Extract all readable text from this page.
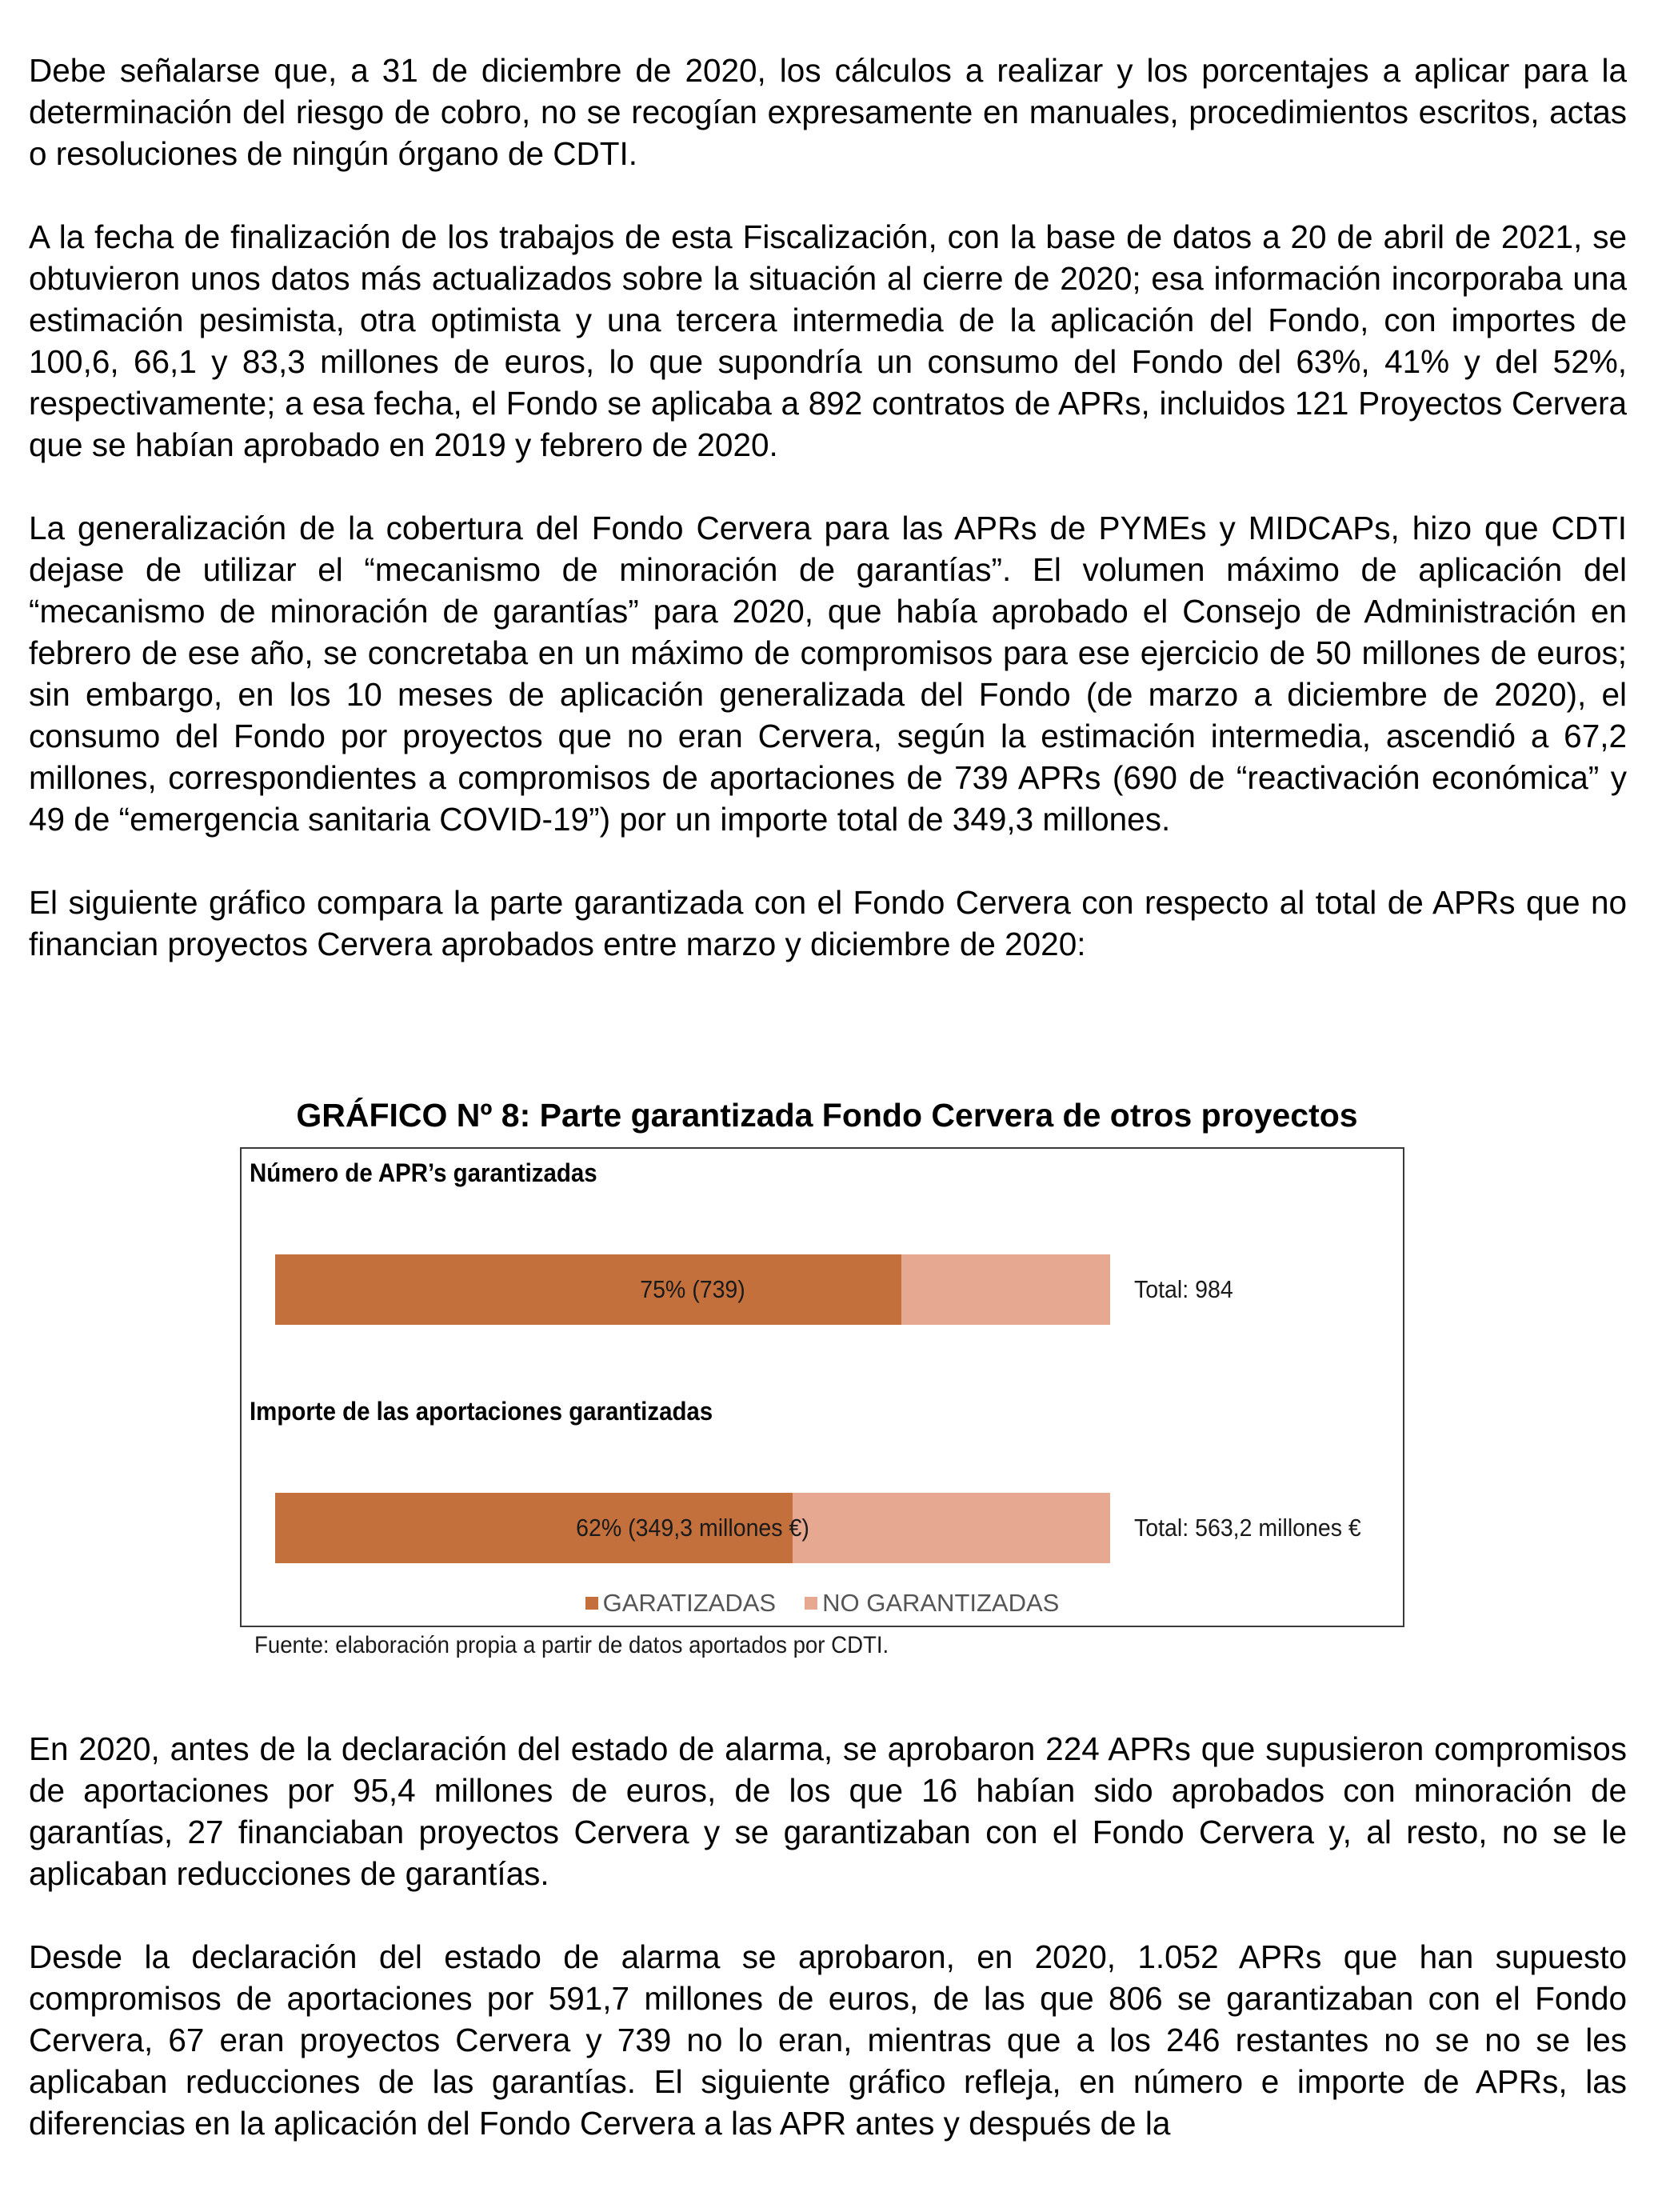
Debe señalarse que, a 31 de diciembre de 2020, los cálculos a realizar y los porcentajes a aplicar para la determinación del riesgo de cobro, no se recogían expresamente en manuales, procedimientos escritos, actas o resoluciones de ningún órgano de CDTI.

A la fecha de finalización de los trabajos de esta Fiscalización, con la base de datos a 20 de abril de 2021, se obtuvieron unos datos más actualizados sobre la situación al cierre de 2020; esa información incorporaba una estimación pesimista, otra optimista y una tercera intermedia de la aplicación del Fondo, con importes de 100,6, 66,1 y 83,3 millones de euros, lo que supondría un consumo del Fondo del 63%, 41% y del 52%, respectivamente; a esa fecha, el Fondo se aplicaba a 892 contratos de APRs, incluidos 121 Proyectos Cervera que se habían aprobado en 2019 y febrero de 2020.

La generalización de la cobertura del Fondo Cervera para las APRs de PYMEs y MIDCAPs, hizo que CDTI dejase de utilizar el “mecanismo de minoración de garantías”. El volumen máximo de aplicación del “mecanismo de minoración de garantías” para 2020, que había aprobado el Consejo de Administración en febrero de ese año, se concretaba en un máximo de compromisos para ese ejercicio de 50 millones de euros; sin embargo, en los 10 meses de aplicación generalizada del Fondo (de marzo a diciembre de 2020), el consumo del Fondo por proyectos que no eran Cervera, según la estimación intermedia, ascendió a 67,2 millones, correspondientes a compromisos de aportaciones de 739 APRs (690 de “reactivación económica” y 49 de “emergencia sanitaria COVID-19”) por un importe total de 349,3 millones.

El siguiente gráfico compara la parte garantizada con el Fondo Cervera con respecto al total de APRs que no financian proyectos Cervera aprobados entre marzo y diciembre de 2020:

GRÁFICO Nº 8: Parte garantizada Fondo Cervera de otros proyectos
Número de APR’s garantizadas
75% (739)	Total: 984
Importe de las aportaciones garantizadas
62% (349,3 millones €)	Total: 563,2 millones €
GARATIZADAS NO GARANTIZADAS
Fuente: elaboración propia a partir de datos aportados por CDTI.

En 2020, antes de la declaración del estado de alarma, se aprobaron 224 APRs que supusieron compromisos de aportaciones por 95,4 millones de euros, de los que 16 habían sido aprobados con minoración de garantías, 27 financiaban proyectos Cervera y se garantizaban con el Fondo Cervera y, al resto, no se le aplicaban reducciones de garantías.

Desde la declaración del estado de alarma se aprobaron, en 2020, 1.052 APRs que han supuesto compromisos de aportaciones por 591,7 millones de euros, de las que 806 se garantizaban con el Fondo Cervera, 67 eran proyectos Cervera y 739 no lo eran, mientras que a los 246 restantes no se no se les aplicaban reducciones de las garantías. El siguiente gráfico refleja, en número e importe de APRs, las diferencias en la aplicación del Fondo Cervera a las APR antes y después de la
